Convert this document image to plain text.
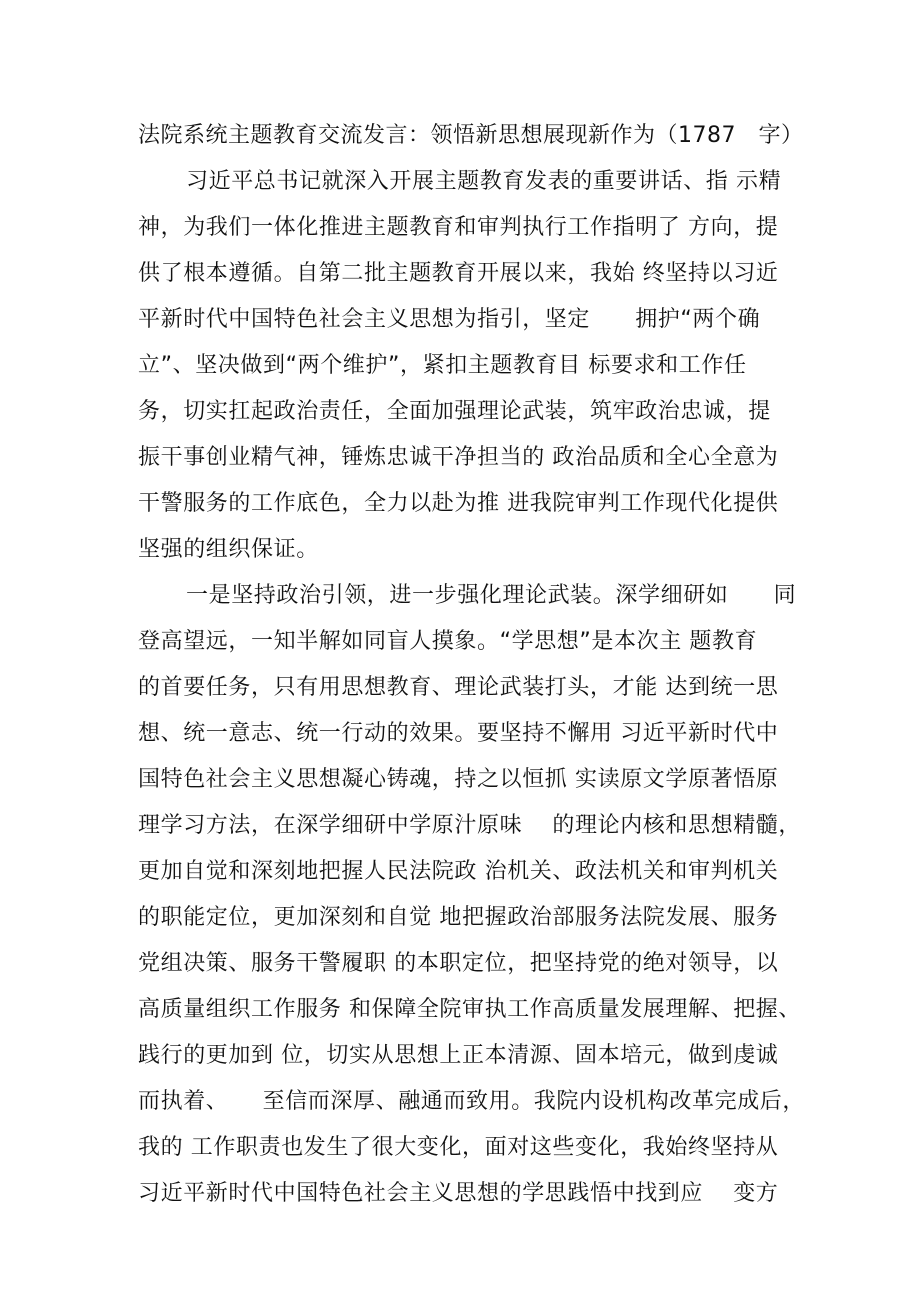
法院系统主题教育交流发言：领悟新思想展现新作为（1787　字）
习近平总书记就深入开展主题教育发表的重要讲话、指 示精
神，为我们一体化推进主题教育和审判执行工作指明了 方向，提
供了根本遵循。自第二批主题教育开展以来，我始 终坚持以习近
平新时代中国特色社会主义思想为指引，坚定　　拥护“两个确
立”、坚决做到“两个维护”，紧扣主题教育目 标要求和工作任
务，切实扛起政治责任，全面加强理论武装，筑牢政治忠诚，提
振干事创业精气神，锤炼忠诚干净担当的 政治品质和全心全意为
干警服务的工作底色，全力以赴为推 进我院审判工作现代化提供
坚强的组织保证。
一是坚持政治引领，进一步强化理论武装。深学细研如　　同
登高望远，一知半解如同盲人摸象。“学思想”是本次主 题教育
的首要任务，只有用思想教育、理论武装打头，才能 达到统一思
想、统一意志、统一行动的效果。要坚持不懈用 习近平新时代中
国特色社会主义思想凝心铸魂，持之以恒抓 实读原文学原著悟原
理学习方法，在深学细研中学原汁原味　 的理论内核和思想精髓，
更加自觉和深刻地把握人民法院政 治机关、政法机关和审判机关
的职能定位，更加深刻和自觉 地把握政治部服务法院发展、服务
党组决策、服务干警履职 的本职定位，把坚持党的绝对领导，以
高质量组织工作服务 和保障全院审执工作高质量发展理解、把握、
践行的更加到 位，切实从思想上正本清源、固本培元，做到虔诚
而执着、　　至信而深厚、融通而致用。我院内设机构改革完成后，
我的 工作职责也发生了很大变化，面对这些变化，我始终坚持从
习近平新时代中国特色社会主义思想的学思践悟中找到应　 变方
